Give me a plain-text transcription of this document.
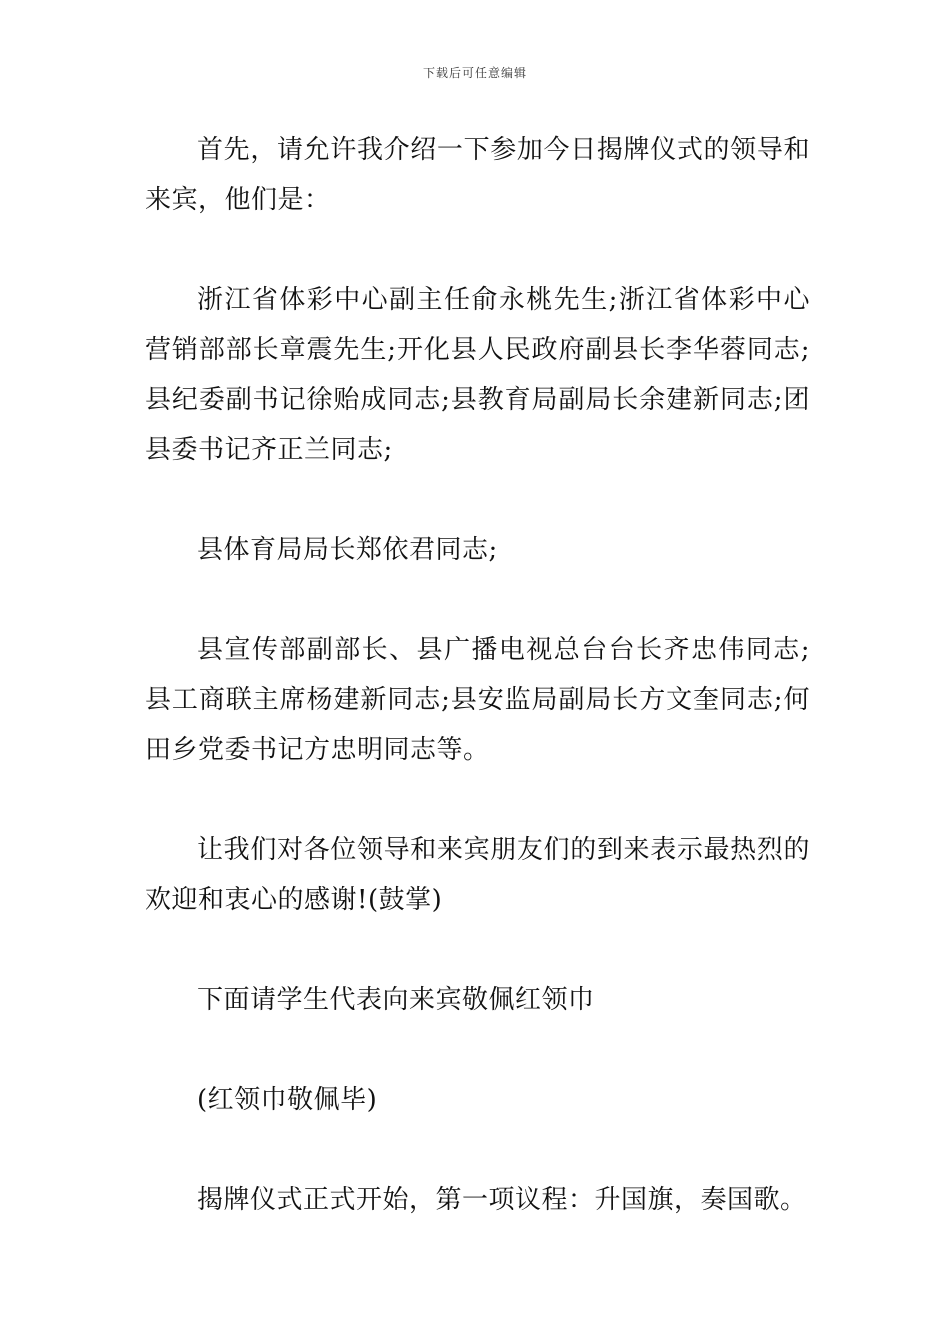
下载后可任意编辑

首先，请允许我介绍一下参加今日揭牌仪式的领导和来宾，他们是：

浙江省体彩中心副主任俞永桃先生;浙江省体彩中心营销部部长章震先生;开化县人民政府副县长李华蓉同志;县纪委副书记徐贻成同志;县教育局副局长余建新同志;团县委书记齐正兰同志;

县体育局局长郑依君同志;

县宣传部副部长、县广播电视总台台长齐忠伟同志;县工商联主席杨建新同志;县安监局副局长方文奎同志;何田乡党委书记方忠明同志等。

让我们对各位领导和来宾朋友们的到来表示最热烈的欢迎和衷心的感谢!(鼓掌)

下面请学生代表向来宾敬佩红领巾

(红领巾敬佩毕)

揭牌仪式正式开始，第一项议程：升国旗，奏国歌。
